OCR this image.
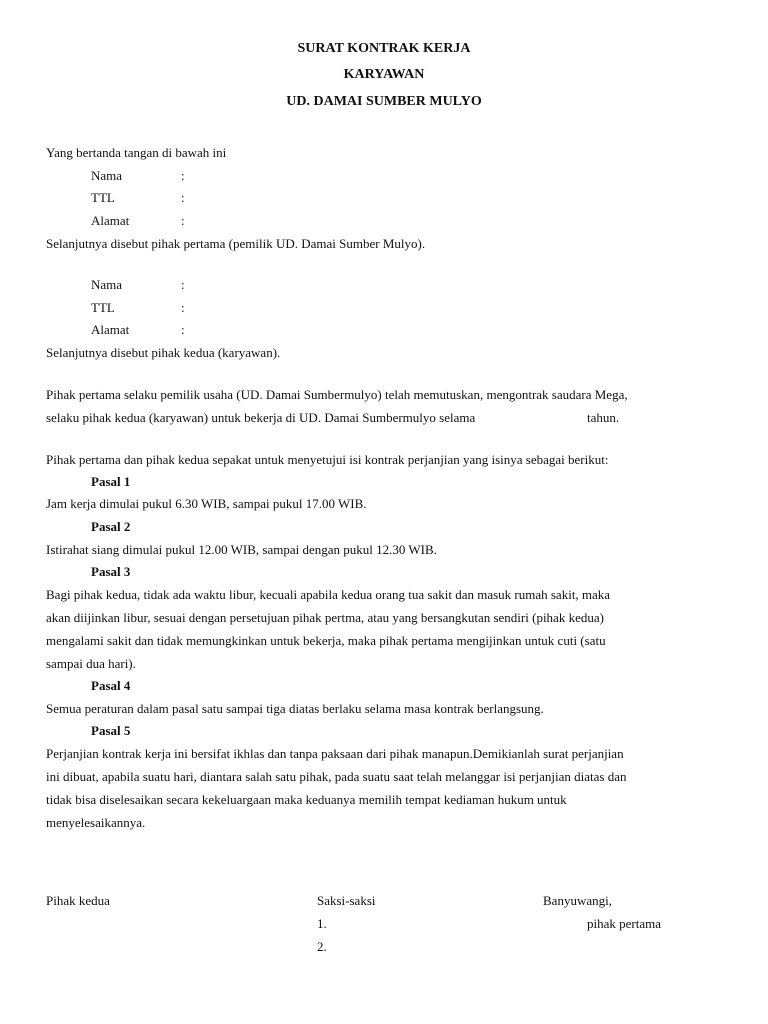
SURAT KONTRAK KERJA
KARYAWAN
UD. DAMAI SUMBER MULYO
Yang bertanda tangan di bawah ini
Nama	:
TTL	:
Alamat	:
Selanjutnya disebut pihak pertama (pemilik UD. Damai Sumber Mulyo).
Nama	:
TTL	:
Alamat	:
Selanjutnya disebut pihak kedua (karyawan).
Pihak pertama selaku pemilik usaha (UD. Damai Sumbermulyo) telah memutuskan, mengontrak saudara Mega,
selaku pihak kedua (karyawan) untuk bekerja di UD. Damai Sumbermulyo selama	tahun.
Pihak pertama dan pihak kedua sepakat untuk menyetujui isi kontrak perjanjian yang isinya sebagai berikut:
Pasal 1
Jam kerja dimulai pukul 6.30 WIB, sampai pukul 17.00 WIB.
Pasal 2
Istirahat siang dimulai pukul 12.00 WIB, sampai dengan pukul 12.30 WIB.
Pasal 3
Bagi pihak kedua, tidak ada waktu libur, kecuali apabila kedua orang tua sakit dan masuk rumah sakit, maka
akan diijinkan libur, sesuai dengan persetujuan pihak pertma, atau yang bersangkutan sendiri (pihak kedua)
mengalami sakit dan tidak memungkinkan untuk bekerja, maka pihak pertama mengijinkan untuk cuti (satu
sampai dua hari).
Pasal 4
Semua peraturan dalam pasal satu sampai tiga diatas berlaku selama masa kontrak berlangsung.
Pasal 5
Perjanjian kontrak kerja ini bersifat ikhlas dan tanpa paksaan dari pihak manapun.Demikianlah surat perjanjian
ini dibuat, apabila suatu hari, diantara salah satu pihak, pada suatu saat telah melanggar isi perjanjian diatas dan
tidak bisa diselesaikan secara kekeluargaan maka keduanya memilih tempat kediaman hukum untuk
menyelesaikannya.
Pihak kedua	Saksi-saksi
1.
2.
Banyuwangi,
pihak pertama
